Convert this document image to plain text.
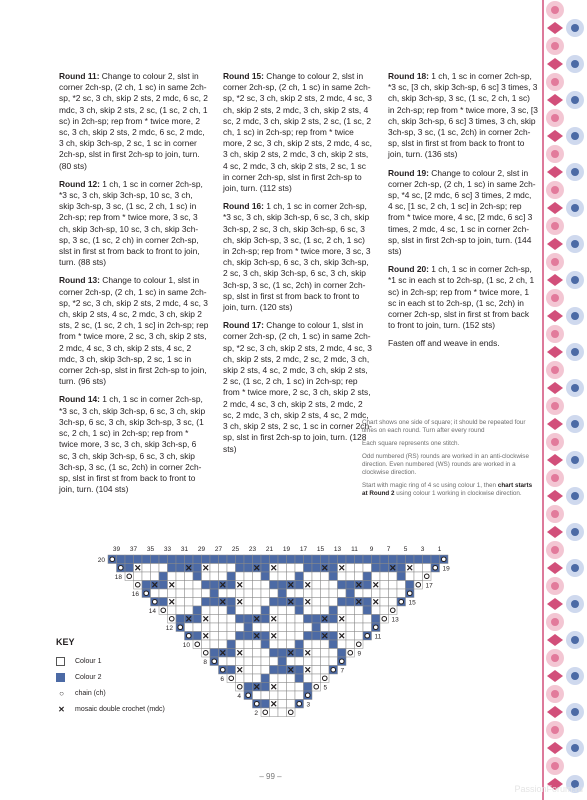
Round 11: Change to colour 2, slst in corner 2ch-sp, (2 ch, 1 sc) in same 2ch-sp, *2 sc, 3 ch, skip 2 sts, 2 mdc, 6 sc, 2 mdc, 3 ch, skip 2 sts, 2 sc, (1 sc, 2 ch, 1 sc) in 2ch-sp; rep from * twice more, 2 sc, 3 ch, skip 2 sts, 2 mdc, 6 sc, 2 mdc, 3 ch, skip 3ch-sp, 2 sc, 1 sc in corner 2ch-sp, slst in first 2ch-sp to join, turn. (80 sts)

Round 12: 1 ch, 1 sc in corner 2ch-sp, *3 sc, 3 ch, skip 3ch-sp, 10 sc, 3 ch, skip 3ch-sp, 3 sc, (1 sc, 2 ch, 1 sc) in 2ch-sp; rep from * twice more, 3 sc, 3 ch, skip 3ch-sp, 10 sc, 3 ch, skip 3ch-sp, 3 sc, (1 sc, 2 ch) in corner 2ch-sp, slst in first st from back to front to join, turn. (88 sts)

Round 13: Change to colour 1, slst in corner 2ch-sp, (2 ch, 1 sc) in same 2ch-sp, *2 sc, 3 ch, skip 2 sts, 2 mdc, 4 sc, 3 ch, skip 2 sts, 4 sc, 2 mdc, 3 ch, skip 2 sts, 2 sc, (1 sc, 2 ch, 1 sc] in 2ch-sp; rep from * twice more, 2 sc, 3 ch, skip 2 sts, 2 mdc, 4 sc, 3 ch, skip 2 sts, 4 sc, 2 mdc, 3 ch, skip 3ch-sp, 2 sc, 1 sc in corner 2ch-sp, slst in first 2ch-sp to join, turn. (96 sts)

Round 14: 1 ch, 1 sc in corner 2ch-sp, *3 sc, 3 ch, skip 3ch-sp, 6 sc, 3 ch, skip 3ch-sp, 6 sc, 3 ch, skip 3ch-sp, 3 sc, (1 sc, 2 ch, 1 sc) in 2ch-sp; rep from * twice more, 3 sc, 3 ch, skip 3ch-sp, 6 sc, 3 ch, skip 3ch-sp, 6 sc, 3 ch, skip 3ch-sp, 3 sc, (1 sc, 2ch) in corner 2ch-sp, slst in first st from back to front to join, turn. (104 sts)

Round 15: Change to colour 2, slst in corner 2ch-sp, (2 ch, 1 sc) in same 2ch-sp, *2 sc, 3 ch, skip 2 sts, 2 mdc, 4 sc, 3 ch, skip 2 sts, 2 mdc, 3 ch, skip 2 sts, 4 sc, 2 mdc, 3 ch, skip 2 sts, 2 sc, (1 sc, 2 ch, 1 sc) in 2ch-sp; rep from * twice more, 2 sc, 3 ch, skip 2 sts, 2 mdc, 4 sc, 3 ch, skip 2 sts, 2 mdc, 3 ch, skip 2 sts, 4 sc, 2 mdc, 3 ch, skip 2 sts, 2 sc, 1 sc in corner 2ch-sp, slst in first 2ch-sp to join, turn. (112 sts)

Round 16: 1 ch, 1 sc in corner 2ch-sp, *3 sc, 3 ch, skip 3ch-sp, 6 sc, 3 ch, skip 3ch-sp, 2 sc, 3 ch, skip 3ch-sp, 6 sc, 3 ch, skip 3ch-sp, 3 sc, (1 sc, 2 ch, 1 sc) in 2ch-sp; rep from * twice more, 3 sc, 3 ch, skip 3ch-sp, 6 sc, 3 ch, skip 3ch-sp, 2 sc, 3 ch, skip 3ch-sp, 6 sc, 3 ch, skip 3ch-sp, 3 sc, (1 sc, 2ch) in corner 2ch-sp, slst in first st from back to front to join, turn. (120 sts)

Round 17: Change to colour 1, slst in corner 2ch-sp, (2 ch, 1 sc) in same 2ch-sp, *2 sc, 3 ch, skip 2 sts, 2 mdc, 4 sc, 3 ch, skip 2 sts, 2 mdc, 2 sc, 2 mdc, 3 ch, skip 2 sts, 4 sc, 2 mdc, 3 ch, skip 2 sts, 2 sc, (1 sc, 2 ch, 1 sc) in 2ch-sp; rep from * twice more, 2 sc, 3 ch, skip 2 sts, 2 mdc, 4 sc, 3 ch, skip 2 sts, 2 mdc, 2 sc, 2 mdc, 3 ch, skip 2 sts, 4 sc, 2 mdc, 3 ch, skip 2 sts, 2 sc, 1 sc in corner 2ch-sp, slst in first 2ch-sp to join, turn. (128 sts)

Round 18: 1 ch, 1 sc in corner 2ch-sp, *3 sc, [3 ch, skip 3ch-sp, 6 sc] 3 times, 3 ch, skip 3ch-sp, 3 sc, (1 sc, 2 ch, 1 sc) in 2ch-sp; rep from * twice more, 3 sc, [3 ch, skip 3ch-sp, 6 sc] 3 times, 3 ch, skip 3ch-sp, 3 sc, (1 sc, 2ch) in corner 2ch-sp, slst in first st from back to front to join, turn. (136 sts)

Round 19: Change to colour 2, slst in corner 2ch-sp, (2 ch, 1 sc) in same 2ch-sp, *4 sc, [2 mdc, 6 sc] 3 times, 2 mdc, 4 sc, [1 sc, 2 ch, 1 sc] in 2ch-sp; rep from * twice more, 4 sc, [2 mdc, 6 sc] 3 times, 2 mdc, 4 sc, 1 sc in corner 2ch-sp, slst in first 2ch-sp to join, turn. (144 sts)

Round 20: 1 ch, 1 sc in corner 2ch-sp, *1 sc in each st to 2ch-sp, (1 sc, 2 ch, 1 sc) in 2ch-sp; rep from * twice more, 1 sc in each st to 2ch-sp, (1 sc, 2ch) in corner 2ch-sp, slst in first st from back to front to join, turn. (152 sts)

Fasten off and weave in ends.

Chart shows one side of square; it should be repeated four times on each round. Turn after every round

Each square represents one stitch.

Odd numbered (RS) rounds are worked in an anti-clockwise direction. Even numbered (WS) rounds are worked in a clockwise direction.

Start with magic ring of 4 sc using colour 1, then chart starts at Round 2 using colour 1 working in clockwise direction.

39 37 35 33 31 29 27 25 23 21 19 17 15 13 11 9 7 5 3 1
20
19
18
17
16
15
14
13
12
11
10
9
8
7
6
5
4
3
2
KEY
Colour 1
Colour 2
○	chain (ch)
✕	mosaic double crochet (mdc)
– 99 –
PassionForum.ru
